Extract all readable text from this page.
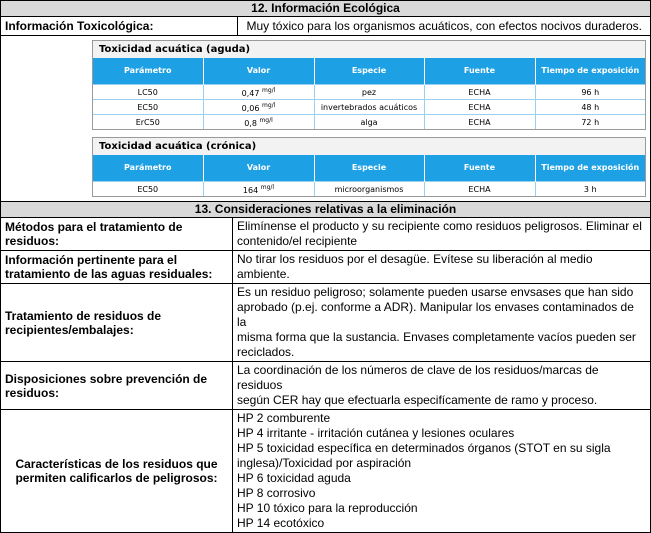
12. Información Ecológica
Información Toxicológica:	Muy tóxico para los organismos acuáticos, con efectos nocivos duraderos.
Toxicidad acuática (aguda)
Parámetro	Valor	Especie	Fuente	Tiempo de exposición
LC50	0,47 $^{mg/l}$	pez	ECHA	96 h
EC50	0,06 $^{mg/l}$	invertebrados acuáticos	ECHA	48 h
ErC50	0,8 $^{mg/l}$	alga	ECHA	72 h
Toxicidad acuática (crónica)
Parámetro	Valor	Especie	Fuente	Tiempo de exposición
EC50	164 $^{mg/l}$	microorganismos	ECHA	3 h
13. Consideraciones relativas a la eliminación
Métodos para el tratamiento de residuos:
Elimínense el producto y su recipiente como residuos peligrosos. Eliminar el
contenido/el recipiente
Información pertinente para el tratamiento de las aguas residuales:
No tirar los residuos por el desagüe. Evítese su liberación al medio ambiente.
Tratamiento de residuos de recipientes/embalajes:
Es un residuo peligroso; solamente pueden usarse envsases que han sido
aprobado (p.ej. conforme a ADR). Manipular los envases contaminados de la
misma forma que la sustancia. Envases completamente vacíos pueden ser
reciclados.
Disposiciones sobre prevención de residuos:
La coordinación de los números de clave de los residuos/marcas de residuos
según CER hay que efectuarla especifícamente de ramo y proceso.
Características de los residuos que permiten calificarlos de peligrosos:
HP 2 comburente
HP 4 irritante - irritación cutánea y lesiones oculares
HP 5 toxicidad específica en determinados órganos (STOT en su sigla
inglesa)/Toxicidad por aspiración
HP 6 toxicidad aguda
HP 8 corrosivo
HP 10 tóxico para la reproducción
HP 14 ecotóxico
